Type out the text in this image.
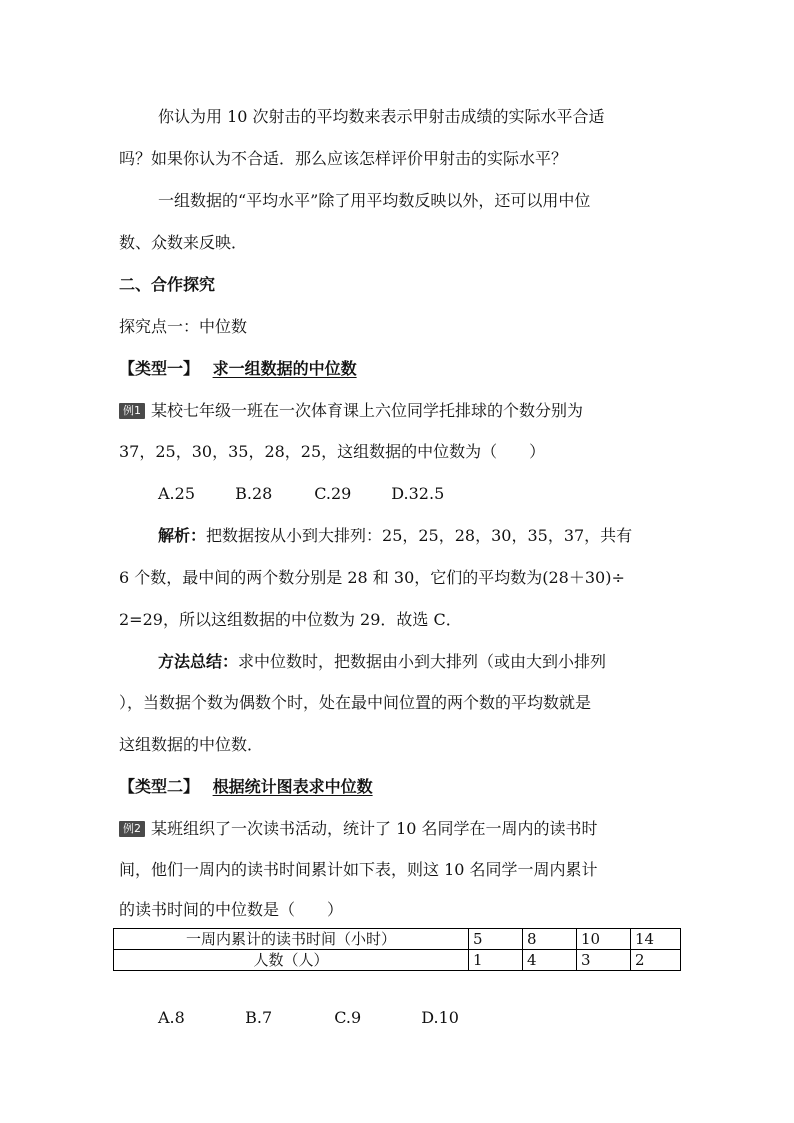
你认为用 10 次射击的平均数来表示甲射击成绩的实际水平合适
吗？如果你认为不合适．那么应该怎样评价甲射击的实际水平？
一组数据的“平均水平”除了用平均数反映以外，还可以用中位
数、众数来反映．
二、合作探究
探究点一：中位数
【类型一】 求一组数据的中位数
例1 某校七年级一班在一次体育课上六位同学托排球的个数分别为
37，25，30，35，28，25，这组数据的中位数为（　　）
A.25	B.28	C.29 D.32.5
解析：把数据按从小到大排列：25，25，28，30，35，37，共有
6 个数，最中间的两个数分别是 28 和 30，它们的平均数为(28＋30)÷
2=29，所以这组数据的中位数为 29．故选 C．
方法总结：求中位数时，把数据由小到大排列（或由大到小排列
），当数据个数为偶数个时，处在最中间位置的两个数的平均数就是
这组数据的中位数．
【类型二】 根据统计图表求中位数
例2 某班组织了一次读书活动，统计了 10 名同学在一周内的读书时
间，他们一周内的读书时间累计如下表，则这 10 名同学一周内累计
的读书时间的中位数是（　　）
一周内累计的读书时间（小时）	5	8	10	14
人数（人）	1	4	3	2
A.8	B.7	C.9	D.10
